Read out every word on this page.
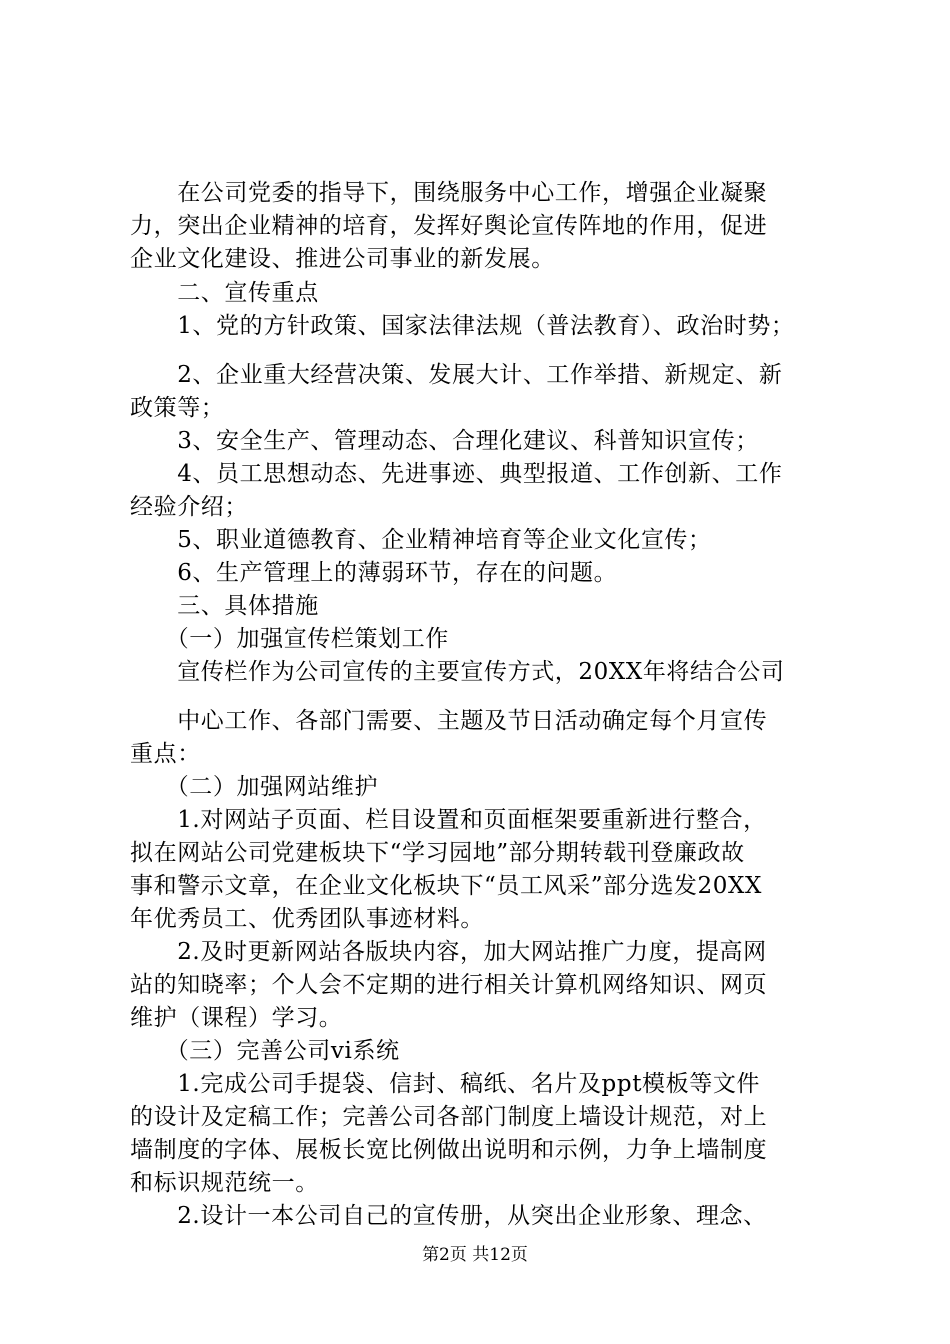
　　在公司党委的指导下，围绕服务中心工作，增强企业凝聚
力，突出企业精神的培育，发挥好舆论宣传阵地的作用，促进
企业文化建设、推进公司事业的新发展。
　　二、宣传重点
　　1、党的方针政策、国家法律法规（普法教育）、政治时势；
　　2、企业重大经营决策、发展大计、工作举措、新规定、新
政策等；
　　3、安全生产、管理动态、合理化建议、科普知识宣传；
　　4、员工思想动态、先进事迹、典型报道、工作创新、工作
经验介绍；
　　5、职业道德教育、企业精神培育等企业文化宣传；
　　6、生产管理上的薄弱环节，存在的问题。
　　三、具体措施
　　（一）加强宣传栏策划工作
　　宣传栏作为公司宣传的主要宣传方式，20XX年将结合公司
　　中心工作、各部门需要、主题及节日活动确定每个月宣传
重点：
　　（二）加强网站维护
　　1.对网站子页面、栏目设置和页面框架要重新进行整合，
拟在网站公司党建板块下“学习园地”部分期转载刊登廉政故
事和警示文章，在企业文化板块下“员工风采”部分选发20XX
年优秀员工、优秀团队事迹材料。
　　2.及时更新网站各版块内容，加大网站推广力度，提高网
站的知晓率；个人会不定期的进行相关计算机网络知识、网页
维护（课程）学习。
　　（三）完善公司vi系统
　　1.完成公司手提袋、信封、稿纸、名片及ppt模板等文件
的设计及定稿工作；完善公司各部门制度上墙设计规范，对上
墙制度的字体、展板长宽比例做出说明和示例，力争上墙制度
和标识规范统一。
　　2.设计一本公司自己的宣传册，从突出企业形象、理念、
第2页 共12页
